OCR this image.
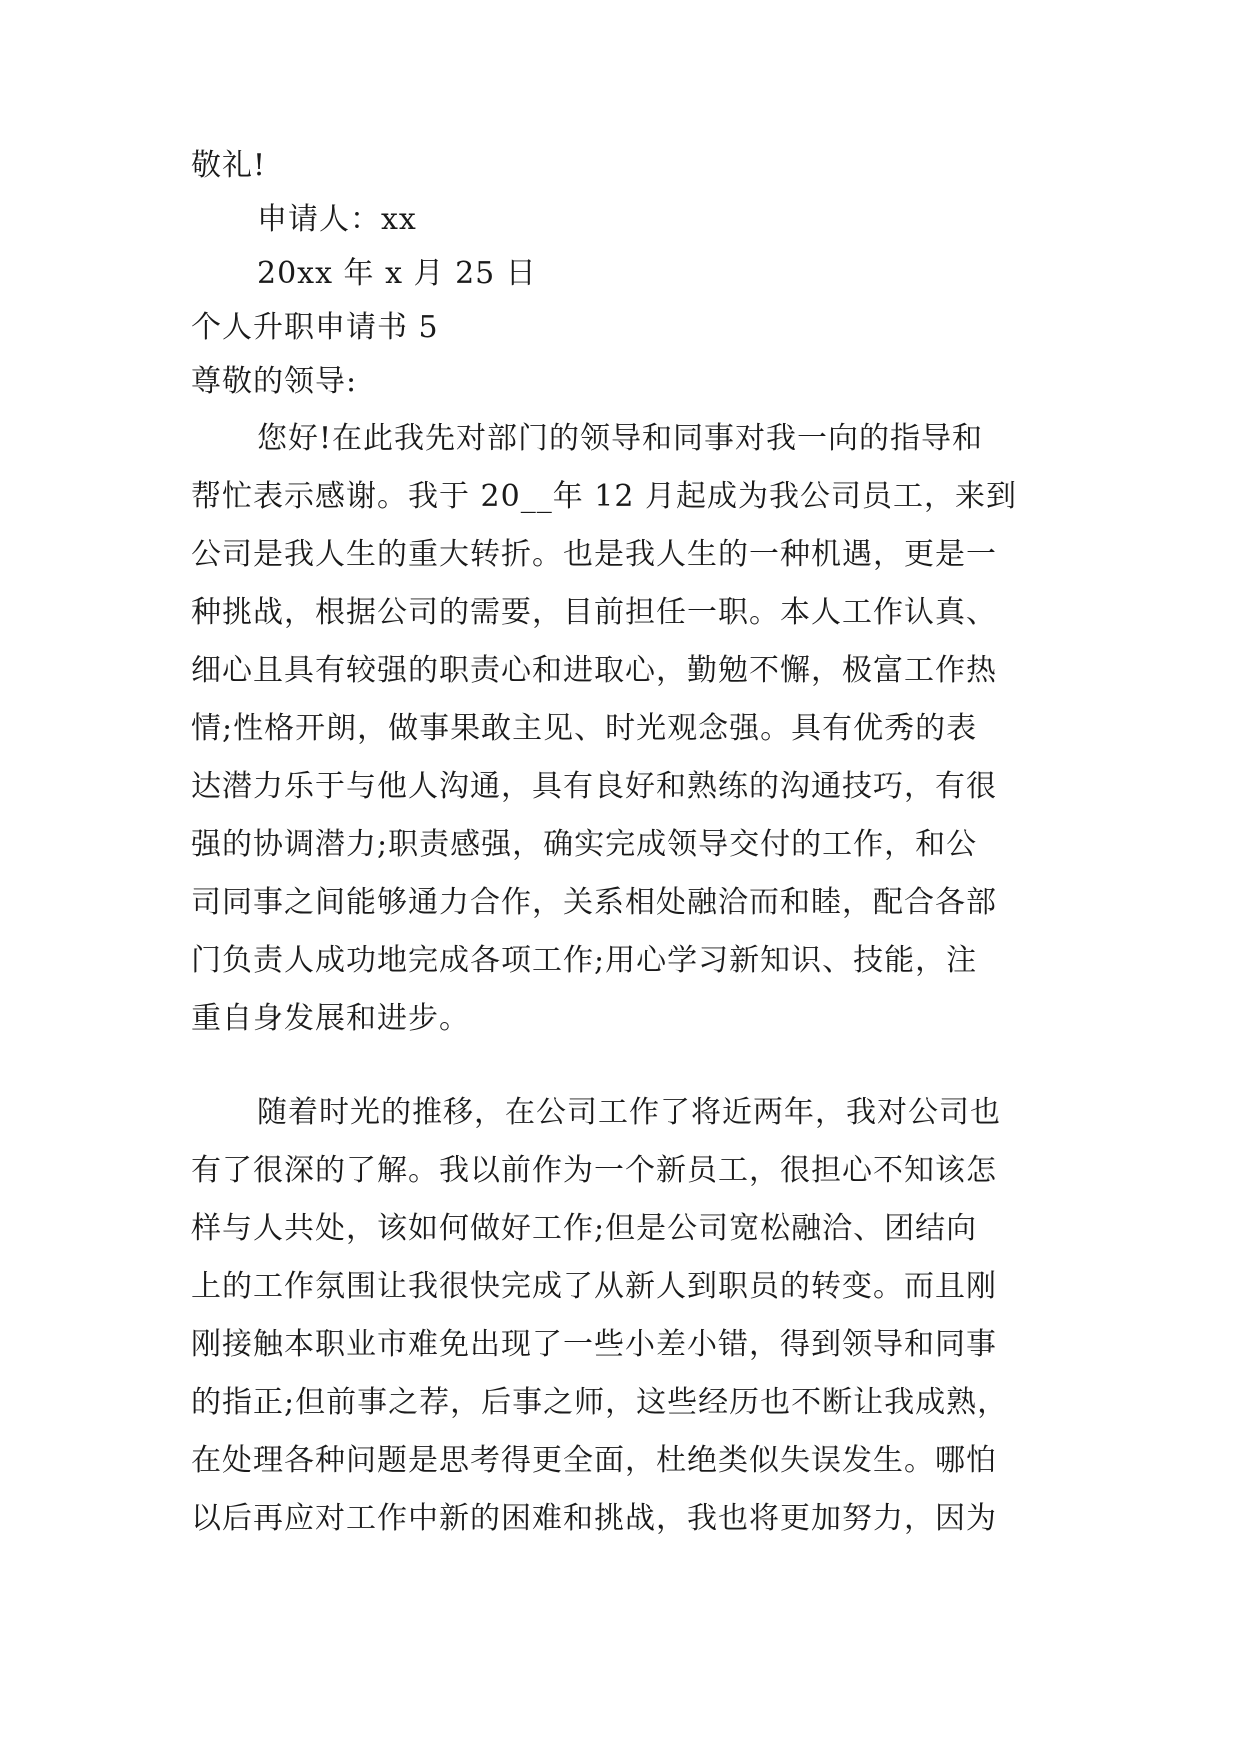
敬礼!
申请人：xx
20xx 年 x 月 25 日
个人升职申请书 5
尊敬的领导:
您好!在此我先对部门的领导和同事对我一向的指导和
帮忙表示感谢。我于 20__年 12 月起成为我公司员工，来到
公司是我人生的重大转折。也是我人生的一种机遇，更是一
种挑战，根据公司的需要，目前担任一职。本人工作认真、
细心且具有较强的职责心和进取心，勤勉不懈，极富工作热
情;性格开朗，做事果敢主见、时光观念强。具有优秀的表
达潜力乐于与他人沟通，具有良好和熟练的沟通技巧，有很
强的协调潜力;职责感强，确实完成领导交付的工作，和公
司同事之间能够通力合作，关系相处融洽而和睦，配合各部
门负责人成功地完成各项工作;用心学习新知识、技能，注
重自身发展和进步。
随着时光的推移，在公司工作了将近两年，我对公司也
有了很深的了解。我以前作为一个新员工，很担心不知该怎
样与人共处，该如何做好工作;但是公司宽松融洽、团结向
上的工作氛围让我很快完成了从新人到职员的转变。而且刚
刚接触本职业市难免出现了一些小差小错，得到领导和同事
的指正;但前事之荐，后事之师，这些经历也不断让我成熟，
在处理各种问题是思考得更全面，杜绝类似失误发生。哪怕
以后再应对工作中新的困难和挑战，我也将更加努力，因为
